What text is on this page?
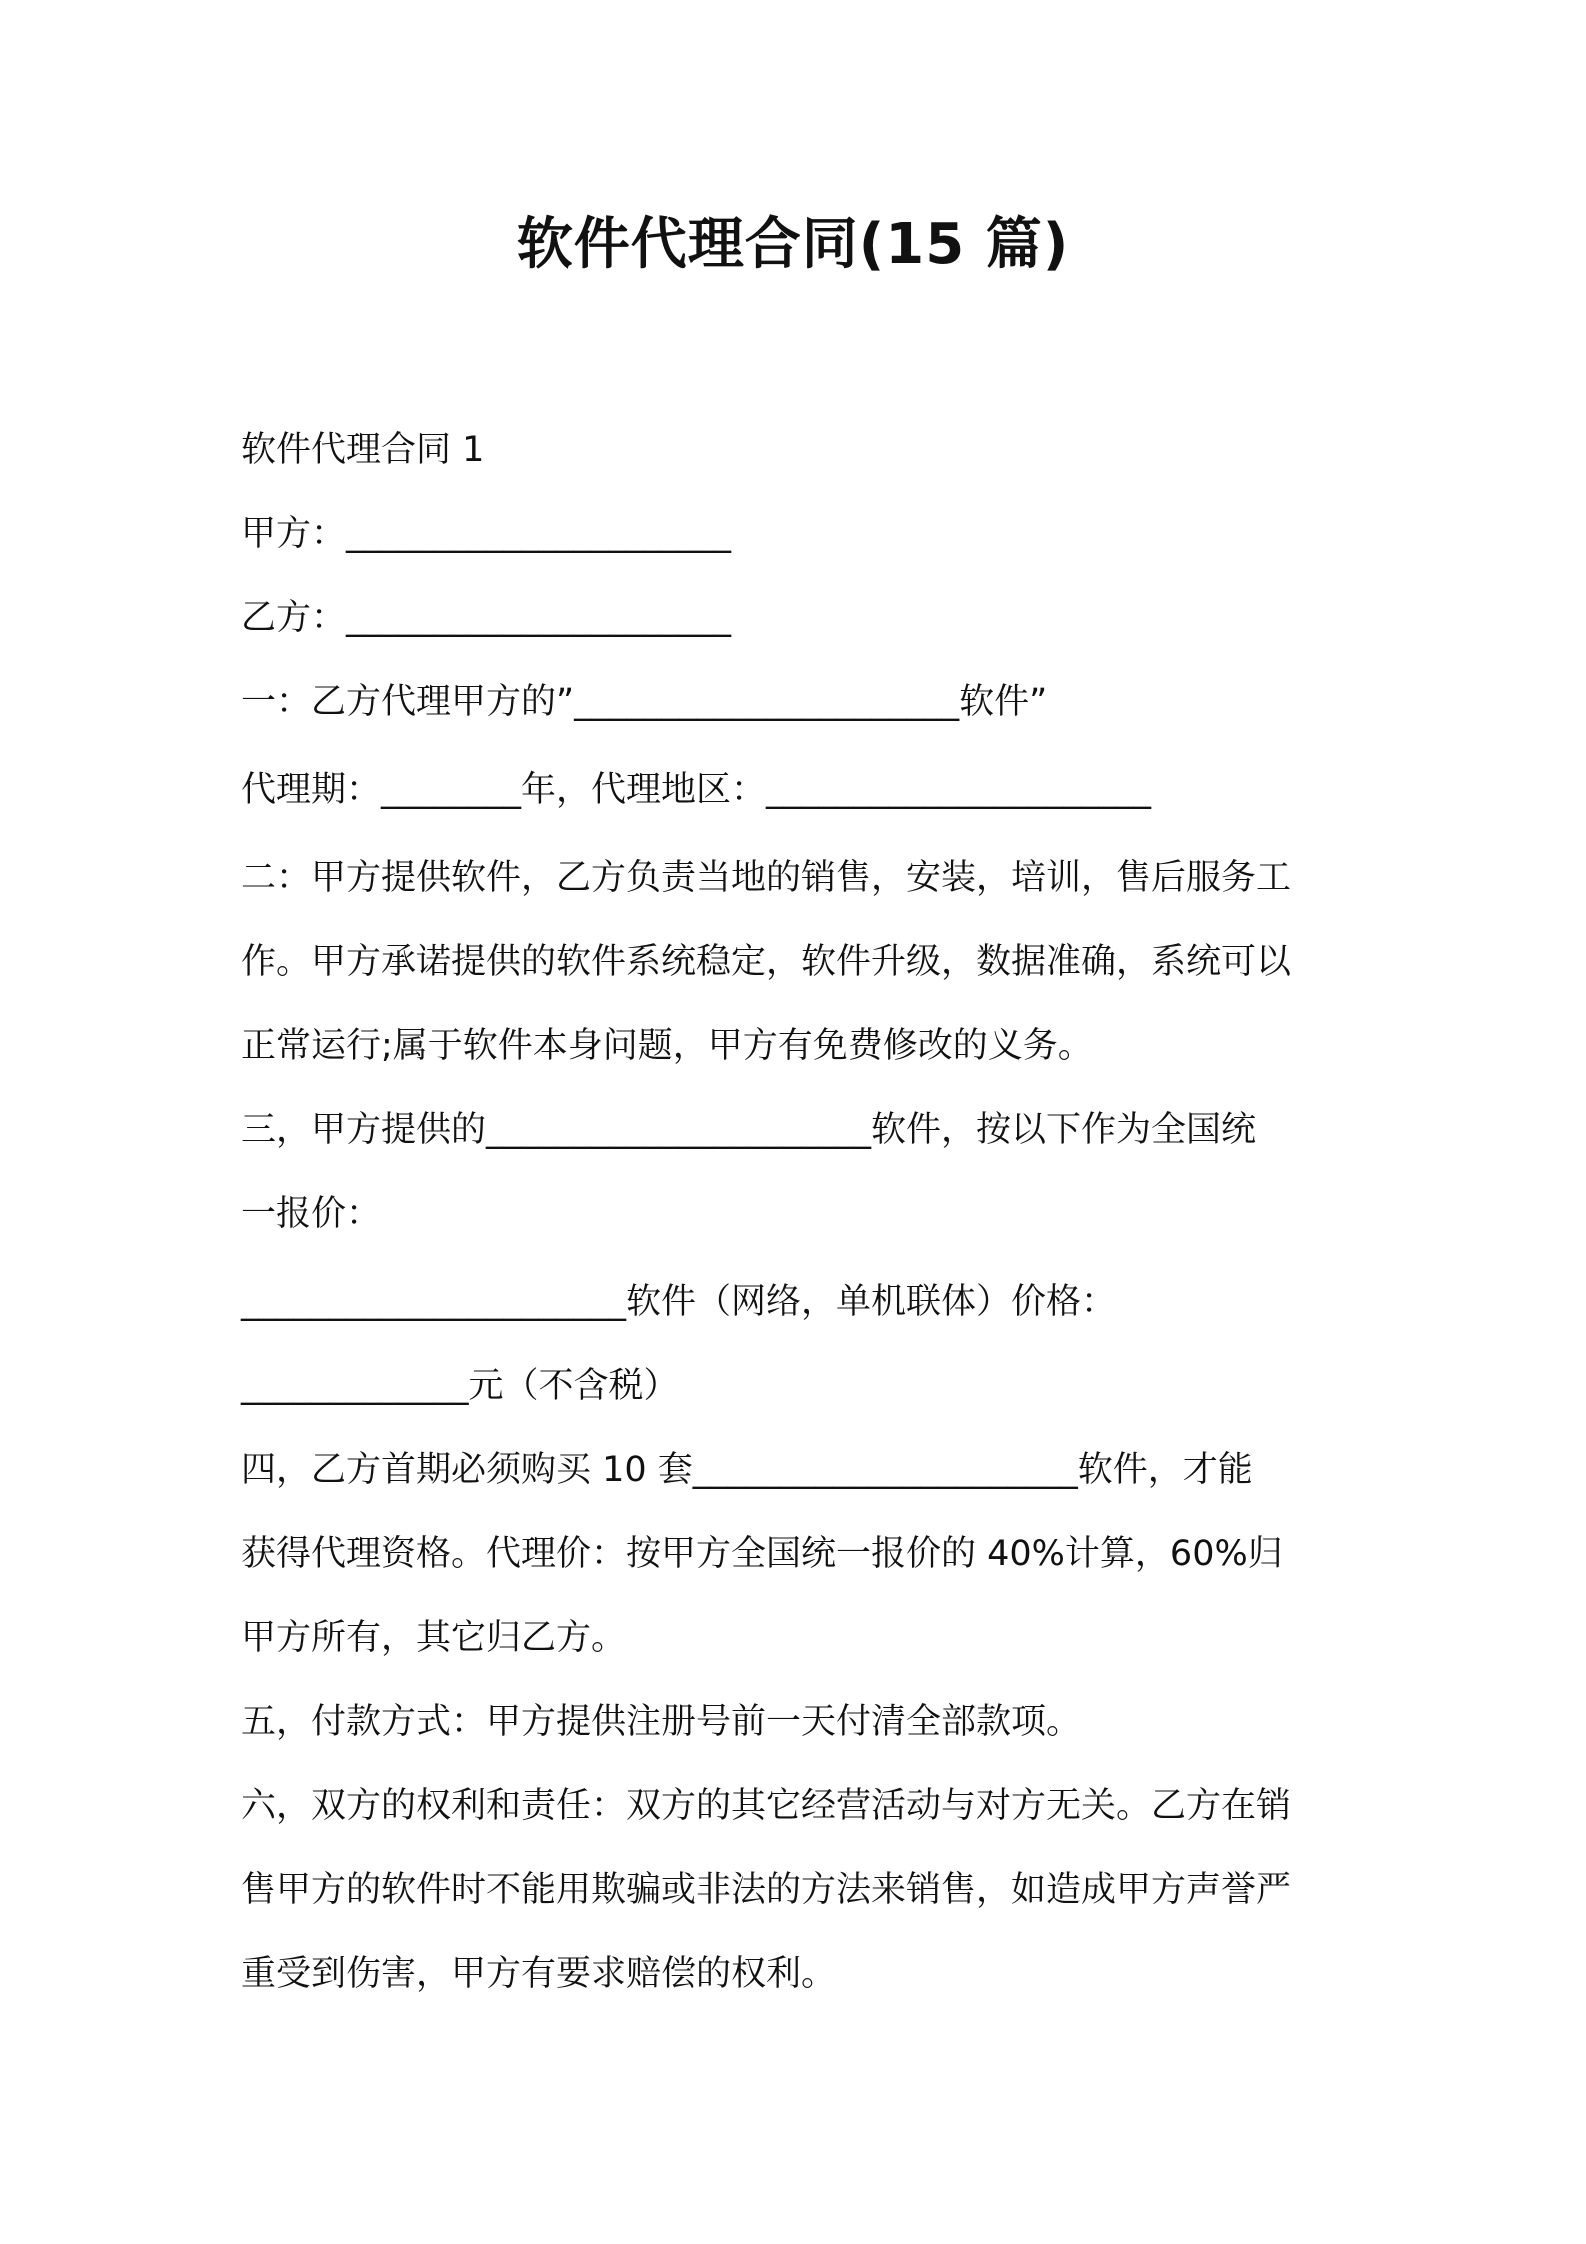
软件代理合同(15 篇)
软件代理合同 1
甲方：______________________
乙方：______________________
一：乙方代理甲方的”______________________软件”
代理期：________年，代理地区：______________________
二：甲方提供软件，乙方负责当地的销售，安装，培训，售后服务工
作。甲方承诺提供的软件系统稳定，软件升级，数据准确，系统可以
正常运行;属于软件本身问题，甲方有免费修改的义务。
三，甲方提供的______________________软件，按以下作为全国统
一报价：
______________________软件（网络，单机联体）价格：
_____________元（不含税）
四，乙方首期必须购买 10 套______________________软件，才能
获得代理资格。代理价：按甲方全国统一报价的 40%计算，60%归
甲方所有，其它归乙方。
五，付款方式：甲方提供注册号前一天付清全部款项。
六，双方的权利和责任：双方的其它经营活动与对方无关。乙方在销
售甲方的软件时不能用欺骗或非法的方法来销售，如造成甲方声誉严
重受到伤害，甲方有要求赔偿的权利。
